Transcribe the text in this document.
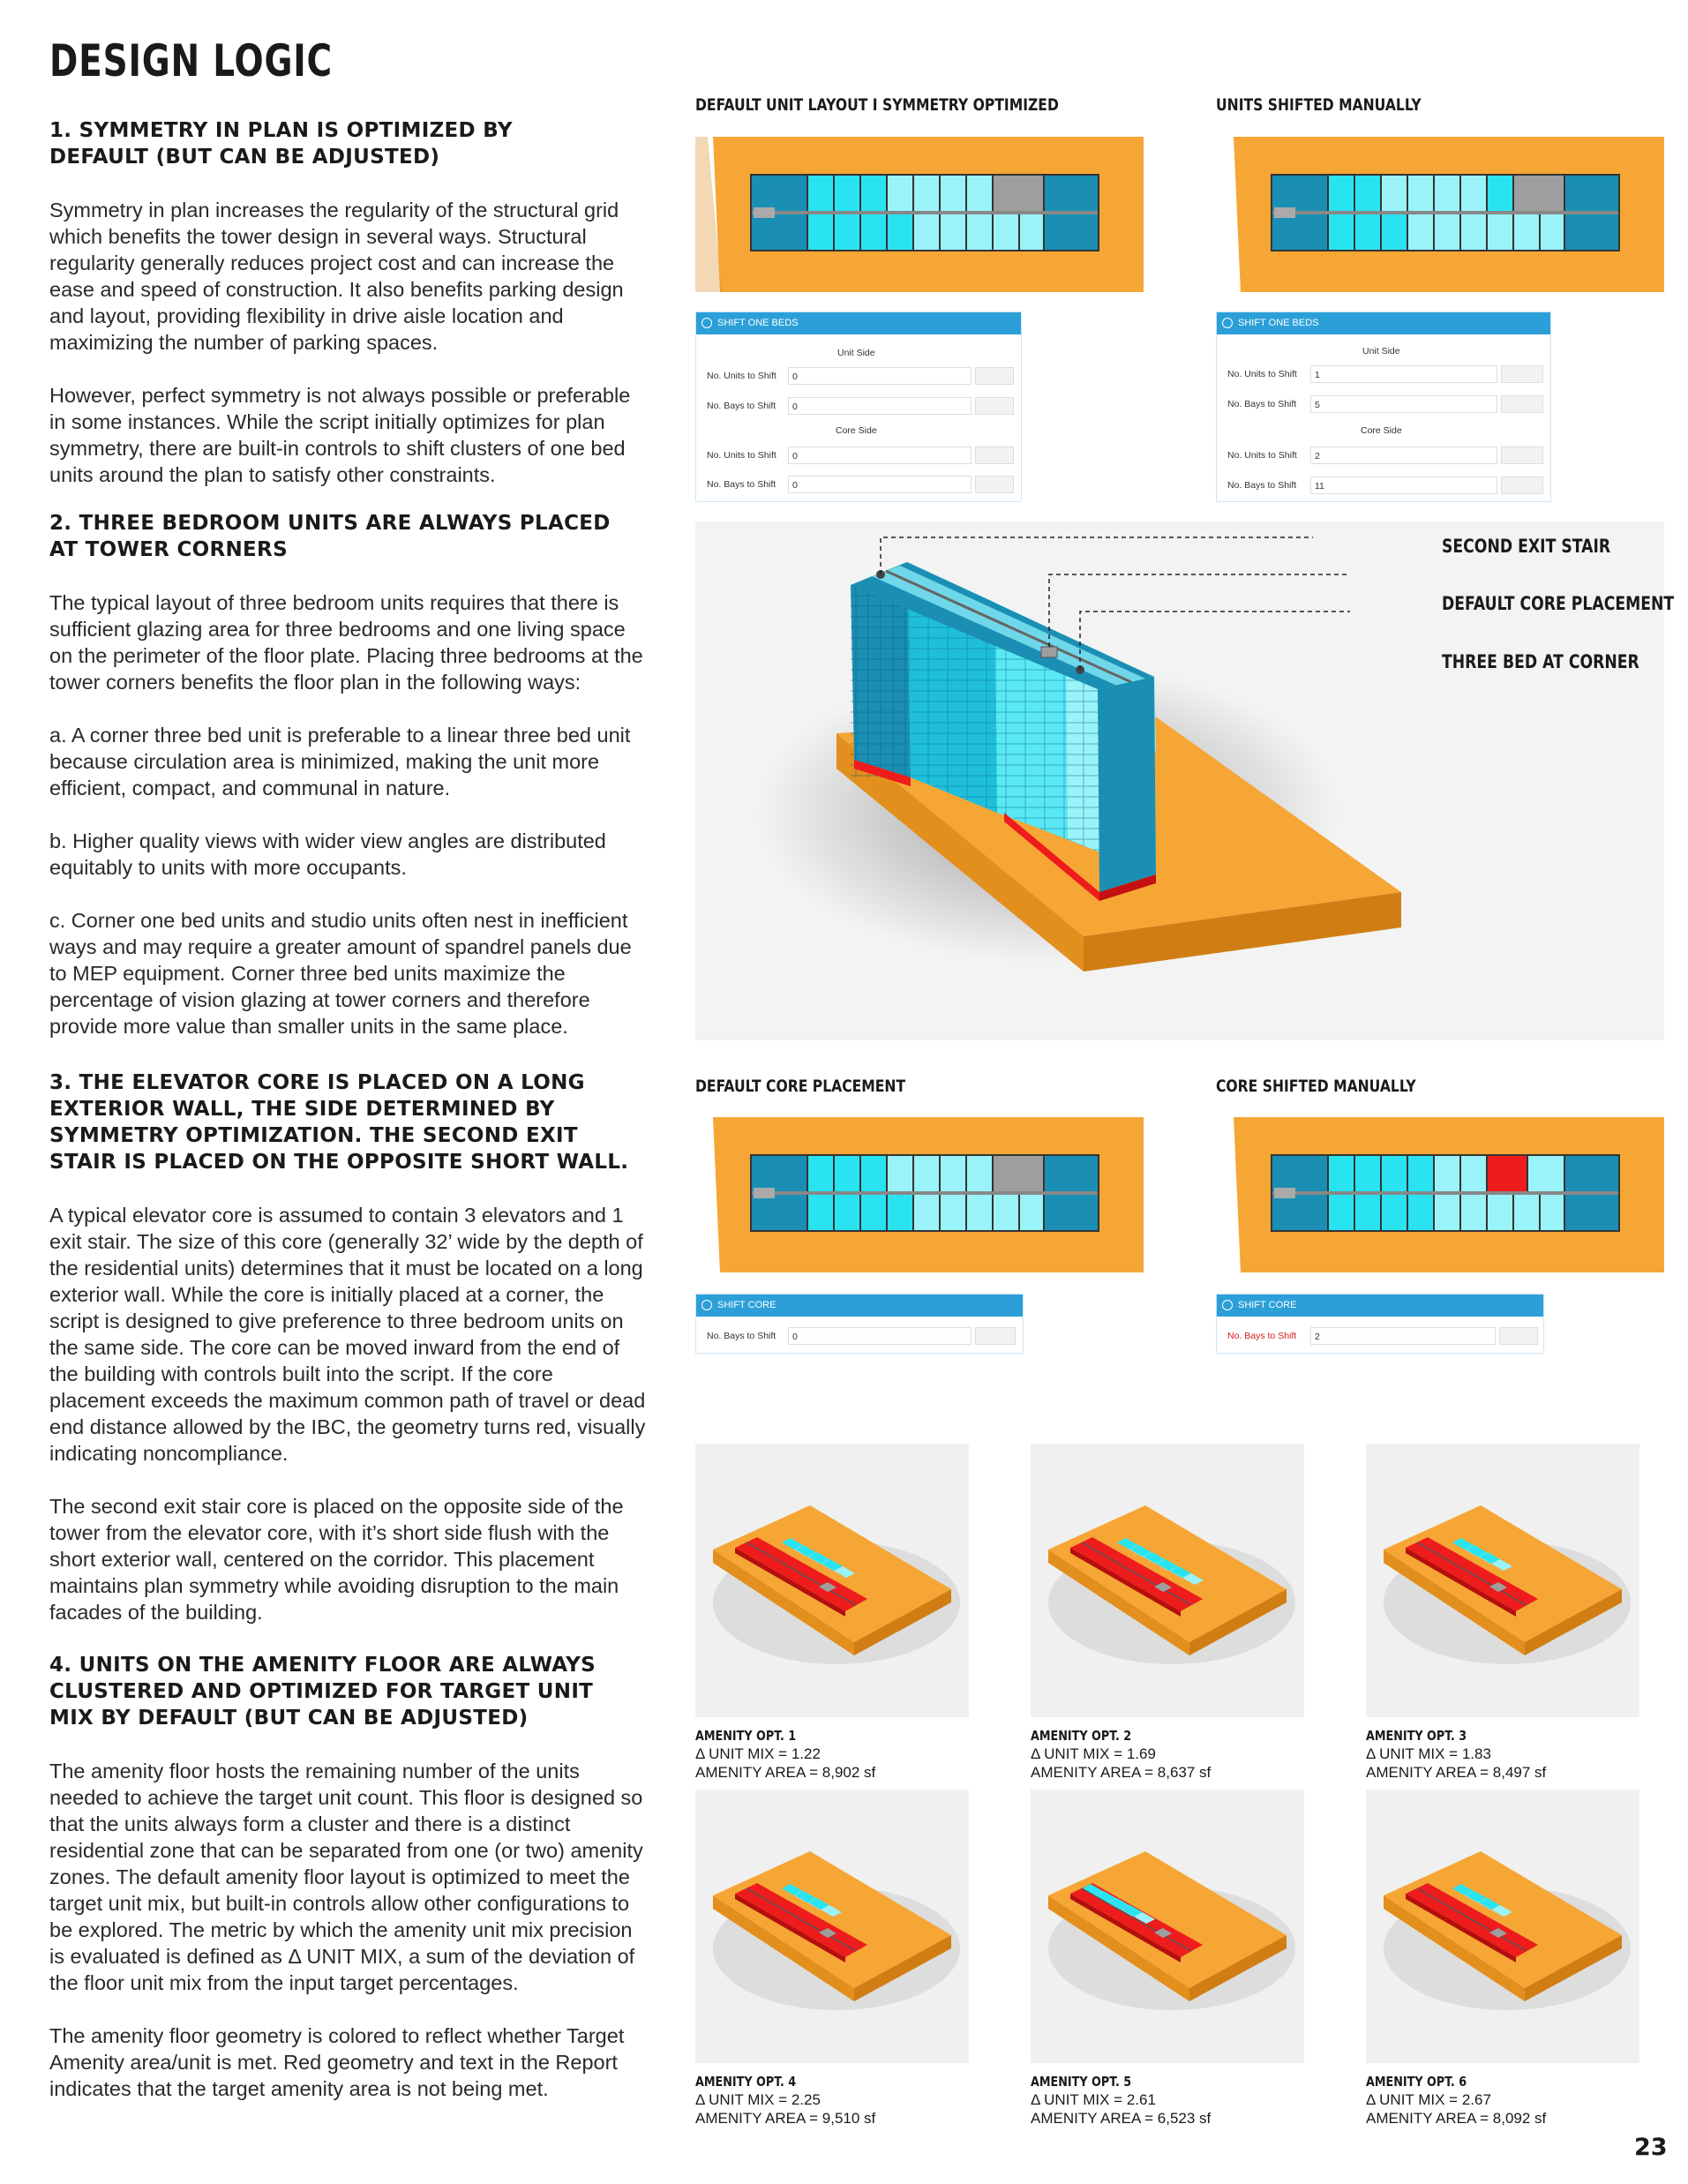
DESIGN LOGIC

1. SYMMETRY IN PLAN IS OPTIMIZED BY DEFAULT (BUT CAN BE ADJUSTED)

Symmetry in plan increases the regularity of the structural grid which benefits the tower design in several ways. Structural regularity generally reduces project cost and can increase the ease and speed of construction. It also benefits parking design and layout, providing flexibility in drive aisle location and maximizing the number of parking spaces.

However, perfect symmetry is not always possible or preferable in some instances. While the script initially optimizes for plan symmetry, there are built-in controls to shift clusters of one bed units around the plan to satisfy other constraints.

2. THREE BEDROOM UNITS ARE ALWAYS PLACED AT TOWER CORNERS

The typical layout of three bedroom units requires that there is sufficient glazing area for three bedrooms and one living space on the perimeter of the floor plate. Placing three bedrooms at the tower corners benefits the floor plan in the following ways:

a. A corner three bed unit is preferable to a linear three bed unit because circulation area is minimized, making the unit more efficient, compact, and communal in nature.

b. Higher quality views with wider view angles are distributed equitably to units with more occupants.

c. Corner one bed units and studio units often nest in inefficient ways and may require a greater amount of spandrel panels due to MEP equipment. Corner three bed units maximize the percentage of vision glazing at tower corners and therefore provide more value than smaller units in the same place.

3. THE ELEVATOR CORE IS PLACED ON A LONG EXTERIOR WALL, THE SIDE DETERMINED BY SYMMETRY OPTIMIZATION. THE SECOND EXIT STAIR IS PLACED ON THE OPPOSITE SHORT WALL.

A typical elevator core is assumed to contain 3 elevators and 1 exit stair. The size of this core (generally 32’ wide by the depth of the residential units) determines that it must be located on a long exterior wall. While the core is initially placed at a corner, the script is designed to give preference to three bedroom units on the same side. The core can be moved inward from the end of the building with controls built into the script. If the core placement exceeds the maximum common path of travel or dead end distance allowed by the IBC, the geometry turns red, visually indicating noncompliance.

The second exit stair core is placed on the opposite side of the tower from the elevator core, with it’s short side flush with the short exterior wall, centered on the corridor. This placement maintains plan symmetry while avoiding disruption to the main facades of the building.

4. UNITS ON THE AMENITY FLOOR ARE ALWAYS CLUSTERED AND OPTIMIZED FOR TARGET UNIT MIX BY DEFAULT (BUT CAN BE ADJUSTED)

The amenity floor hosts the remaining number of the units needed to achieve the target unit count. This floor is designed so that the units always form a cluster and there is a distinct residential zone that can be separated from one (or two) amenity zones. The default amenity floor layout is optimized to meet the target unit mix, but built-in controls allow other configurations to be explored. The metric by which the amenity unit mix precision is evaluated is defined as Δ UNIT MIX, a sum of the deviation of the floor unit mix from the input target percentages.

The amenity floor geometry is colored to reflect whether Target Amenity area/unit is met. Red geometry and text in the Report indicates that the target amenity area is not being met.

DEFAULT UNIT LAYOUT I SYMMETRY OPTIMIZED	UNITS SHIFTED MANUALLY
SHIFT ONE BEDS
Unit Side
No. Units to Shift	0
No. Bays to Shift	0
Core Side
No. Units to Shift	0
No. Bays to Shift	0
SHIFT ONE BEDS
Unit Side
No. Units to Shift	1
No. Bays to Shift	5
Core Side
No. Units to Shift	2
No. Bays to Shift	11
SECOND EXIT STAIR
DEFAULT CORE PLACEMENT
THREE BED AT CORNER
DEFAULT CORE PLACEMENT	CORE SHIFTED MANUALLY
SHIFT CORE
No. Bays to Shift	0
SHIFT CORE
No. Bays to Shift	2
AMENITY OPT. 1
Δ UNIT MIX = 1.22
AMENITY AREA = 8,902 sf
AMENITY OPT. 2
Δ UNIT MIX = 1.69
AMENITY AREA = 8,637 sf
AMENITY OPT. 3
Δ UNIT MIX = 1.83
AMENITY AREA = 8,497 sf
AMENITY OPT. 4
Δ UNIT MIX = 2.25
AMENITY AREA = 9,510 sf
AMENITY OPT. 5
Δ UNIT MIX = 2.61
AMENITY AREA = 6,523 sf
AMENITY OPT. 6
Δ UNIT MIX = 2.67
AMENITY AREA = 8,092 sf
23
